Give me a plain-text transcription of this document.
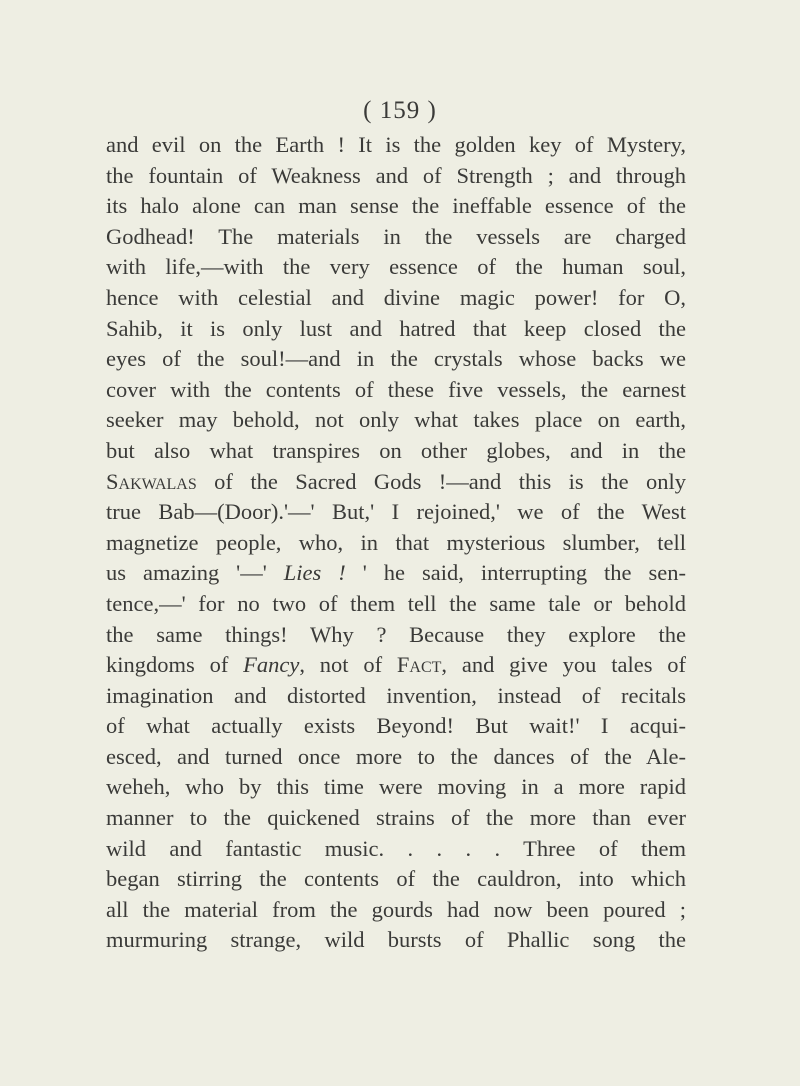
( 159 )
and evil on the Earth ! It is the golden key of Mystery,
the fountain of Weakness and of Strength ; and through
its halo alone can man sense the ineffable essence of the
Godhead! The materials in the vessels are charged
with life,—with the very essence of the human soul,
hence with celestial and divine magic power! for O,
Sahib, it is only lust and hatred that keep closed the
eyes of the soul!—and in the crystals whose backs we
cover with the contents of these five vessels, the earnest
seeker may behold, not only what takes place on earth,
but also what transpires on other globes, and in the
Sakwalas of the Sacred Gods !—and this is the only
true Bab—(Door).'—' But,' I rejoined,' we of the West
magnetize people, who, in that mysterious slumber, tell
us amazing '—' Lies ! ' he said, interrupting the sen-
tence,—' for no two of them tell the same tale or behold
the same things! Why ? Because they explore the
kingdoms of Fancy, not of Fact, and give you tales of
imagination and distorted invention, instead of recitals
of what actually exists Beyond! But wait!' I acqui-
esced, and turned once more to the dances of the Ale-
weheh, who by this time were moving in a more rapid
manner to the quickened strains of the more than ever
wild and fantastic music. . . . . Three of them
began stirring the contents of the cauldron, into which
all the material from the gourds had now been poured ;
murmuring strange, wild bursts of Phallic song the
